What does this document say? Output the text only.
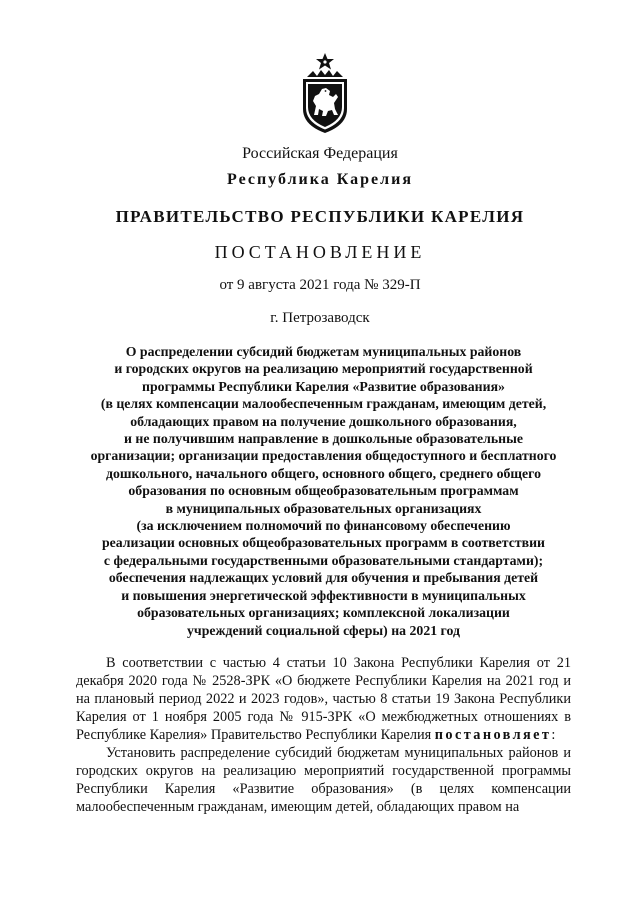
Российская Федерация
Республика Карелия
ПРАВИТЕЛЬСТВО РЕСПУБЛИКИ КАРЕЛИЯ
ПОСТАНОВЛЕНИЕ
от 9 августа 2021 года № 329-П
г. Петрозаводск
О распределении субсидий бюджетам муниципальных районов
и городских округов на реализацию мероприятий государственной
программы Республики Карелия «Развитие образования»
(в целях компенсации малообеспеченным гражданам, имеющим детей,
обладающих правом на получение дошкольного образования,
и не получившим направление в дошкольные образовательные
организации; организации предоставления общедоступного и бесплатного
дошкольного, начального общего, основного общего, среднего общего
образования по основным общеобразовательным программам
в муниципальных образовательных организациях
(за исключением полномочий по финансовому обеспечению
реализации основных общеобразовательных программ в соответствии
с федеральными государственными образовательными стандартами);
обеспечения надлежащих условий для обучения и пребывания детей
и повышения энергетической эффективности в муниципальных
образовательных организациях; комплексной локализации
учреждений социальной сферы) на 2021 год

В соответствии с частью 4 статьи 10 Закона Республики Карелия от 21 декабря 2020 года № 2528-ЗРК «О бюджете Республики Карелия на 2021 год и на плановый период 2022 и 2023 годов», частью 8 статьи 19 Закона Республики Карелия от 1 ноября 2005 года № 915-ЗРК «О межбюджетных отношениях в Республике Карелия» Правительство Республики Карелия постановляет:

Установить распределение субсидий бюджетам муниципальных районов и городских округов на реализацию мероприятий государственной программы Республики Карелия «Развитие образования» (в целях компенсации малообеспеченным гражданам, имеющим детей, обладающих правом на
